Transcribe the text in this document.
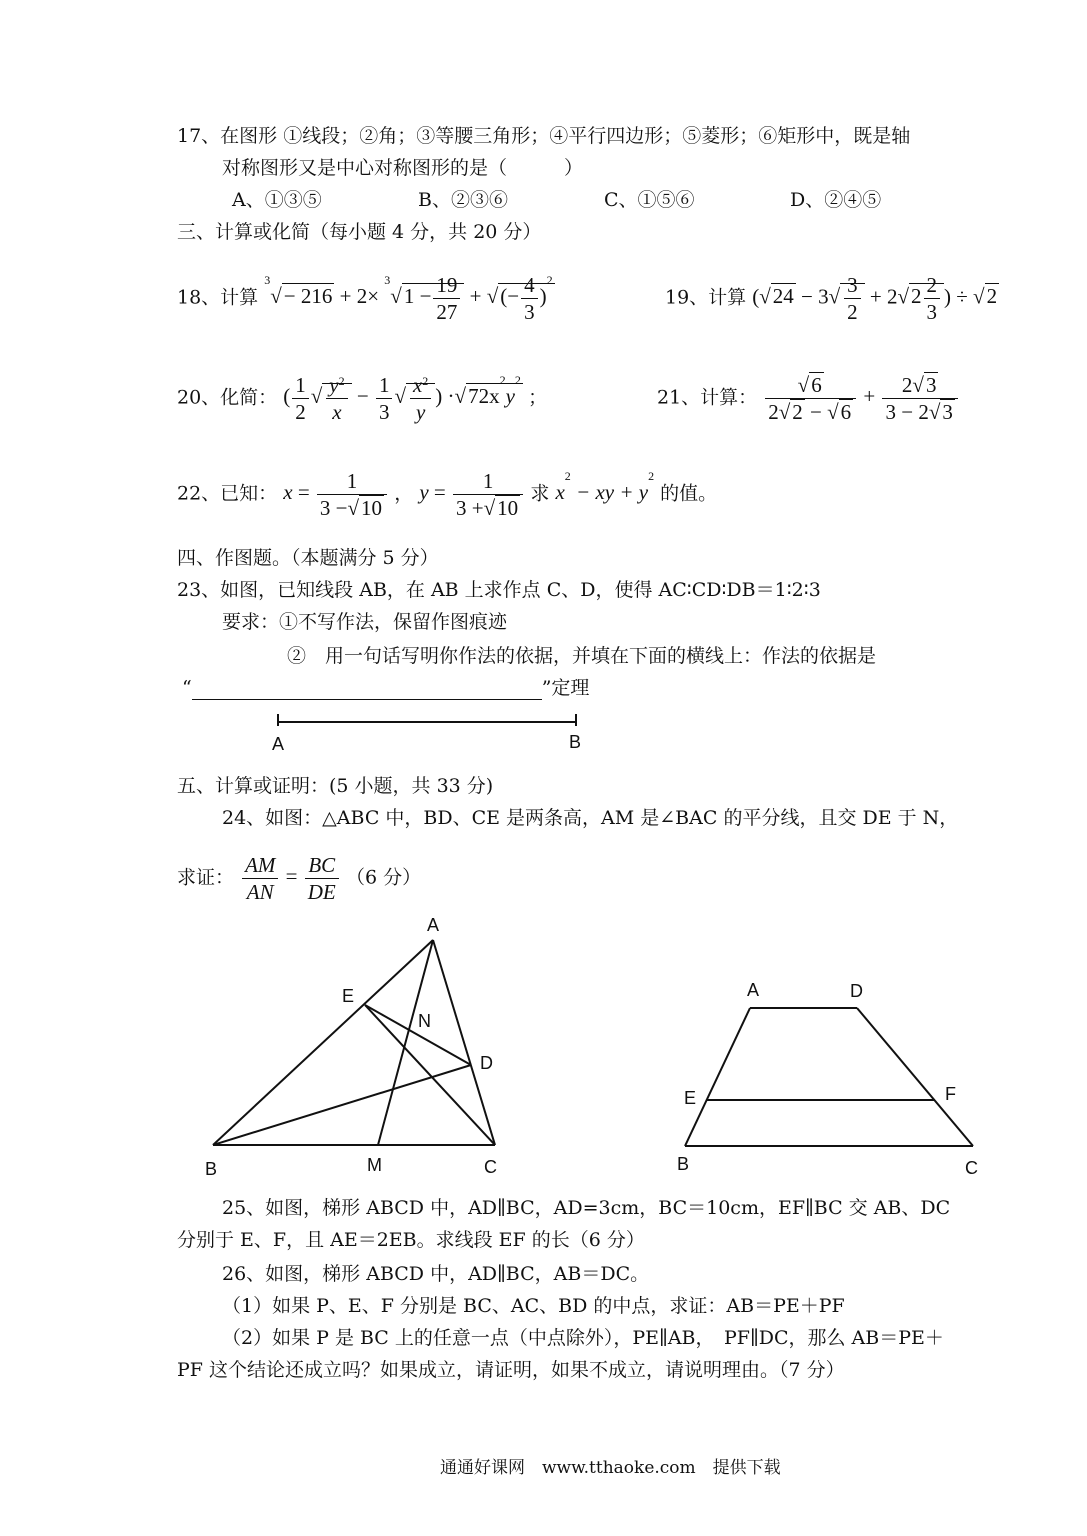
17、在图形 ①线段；②角；③等腰三角形；④平行四边形；⑤菱形；⑥矩形中，既是轴
对称图形又是中心对称图形的是（　　　）
A、①③⑤	B、②③⑥	C、①⑤⑥	D、②④⑤
三、计算或化简（每小题 4 分，共 20 分）
18、计算 $^3√- 216 + 2\times ^3√1 - \frac{19}{27}$ + √(− $\frac{4}{3} )^2$
19、计算 ($√24 - 3√ \frac{3}{2} + 2√2 \frac{2}{3}$ ) ÷ √2
20、化简： ( $\frac{1}{2}$ √ $\frac{y^2}{x} - \frac{1}{3}$ √ $\frac{x^2}{y}$ ) $\cdot√72x^2y^2$ ；	21、计算： $\frac{√6}{2√2 - √6} + \frac{2√3}{3 - 2√3}$
22、已知： $x = \frac{1}{3 -√10}$ ， $y = \frac{1}{3 +√10}$ 求 $x^2$ − xy + $y^2$ 的值。
四、作图题。（本题满分 5 分）
23、如图，已知线段 AB，在 AB 上求作点 C、D，使得 AC∶CD∶DB＝1∶2∶3
要求：①不写作法，保留作图痕迹
②　用一句话写明你作法的依据，并填在下面的横线上：作法的依据是
“	”定理
A	B
五、计算或证明：(5 小题，共 33 分)
24、如图：△ABC 中，BD、CE 是两条高，AM 是∠BAC 的平分线，且交 DE 于 N，
求证： $\frac{AM}{AN} = \frac{BC}{DE} (6$ 分）
A
E
N
D
B	M	C
A	D
E	F
B	C
25、如图，梯形 ABCD 中，AD∥BC，AD=3cm，BC＝10cm，EF∥BC 交 AB、DC
分别于 E、F，且 AE＝2EB。求线段 EF 的长（6 分）
26、如图，梯形 ABCD 中，AD∥BC，AB＝DC。
（1）如果 P、E、F 分别是 BC、AC、BD 的中点，求证：AB＝PE＋PF
（2）如果 P 是 BC 上的任意一点（中点除外），PE∥AB，　PF∥DC，那么 AB＝PE＋
PF 这个结论还成立吗？如果成立，请证明，如果不成立，请说明理由。（7 分）
通通好课网　www.tthaoke.com　提供下载
